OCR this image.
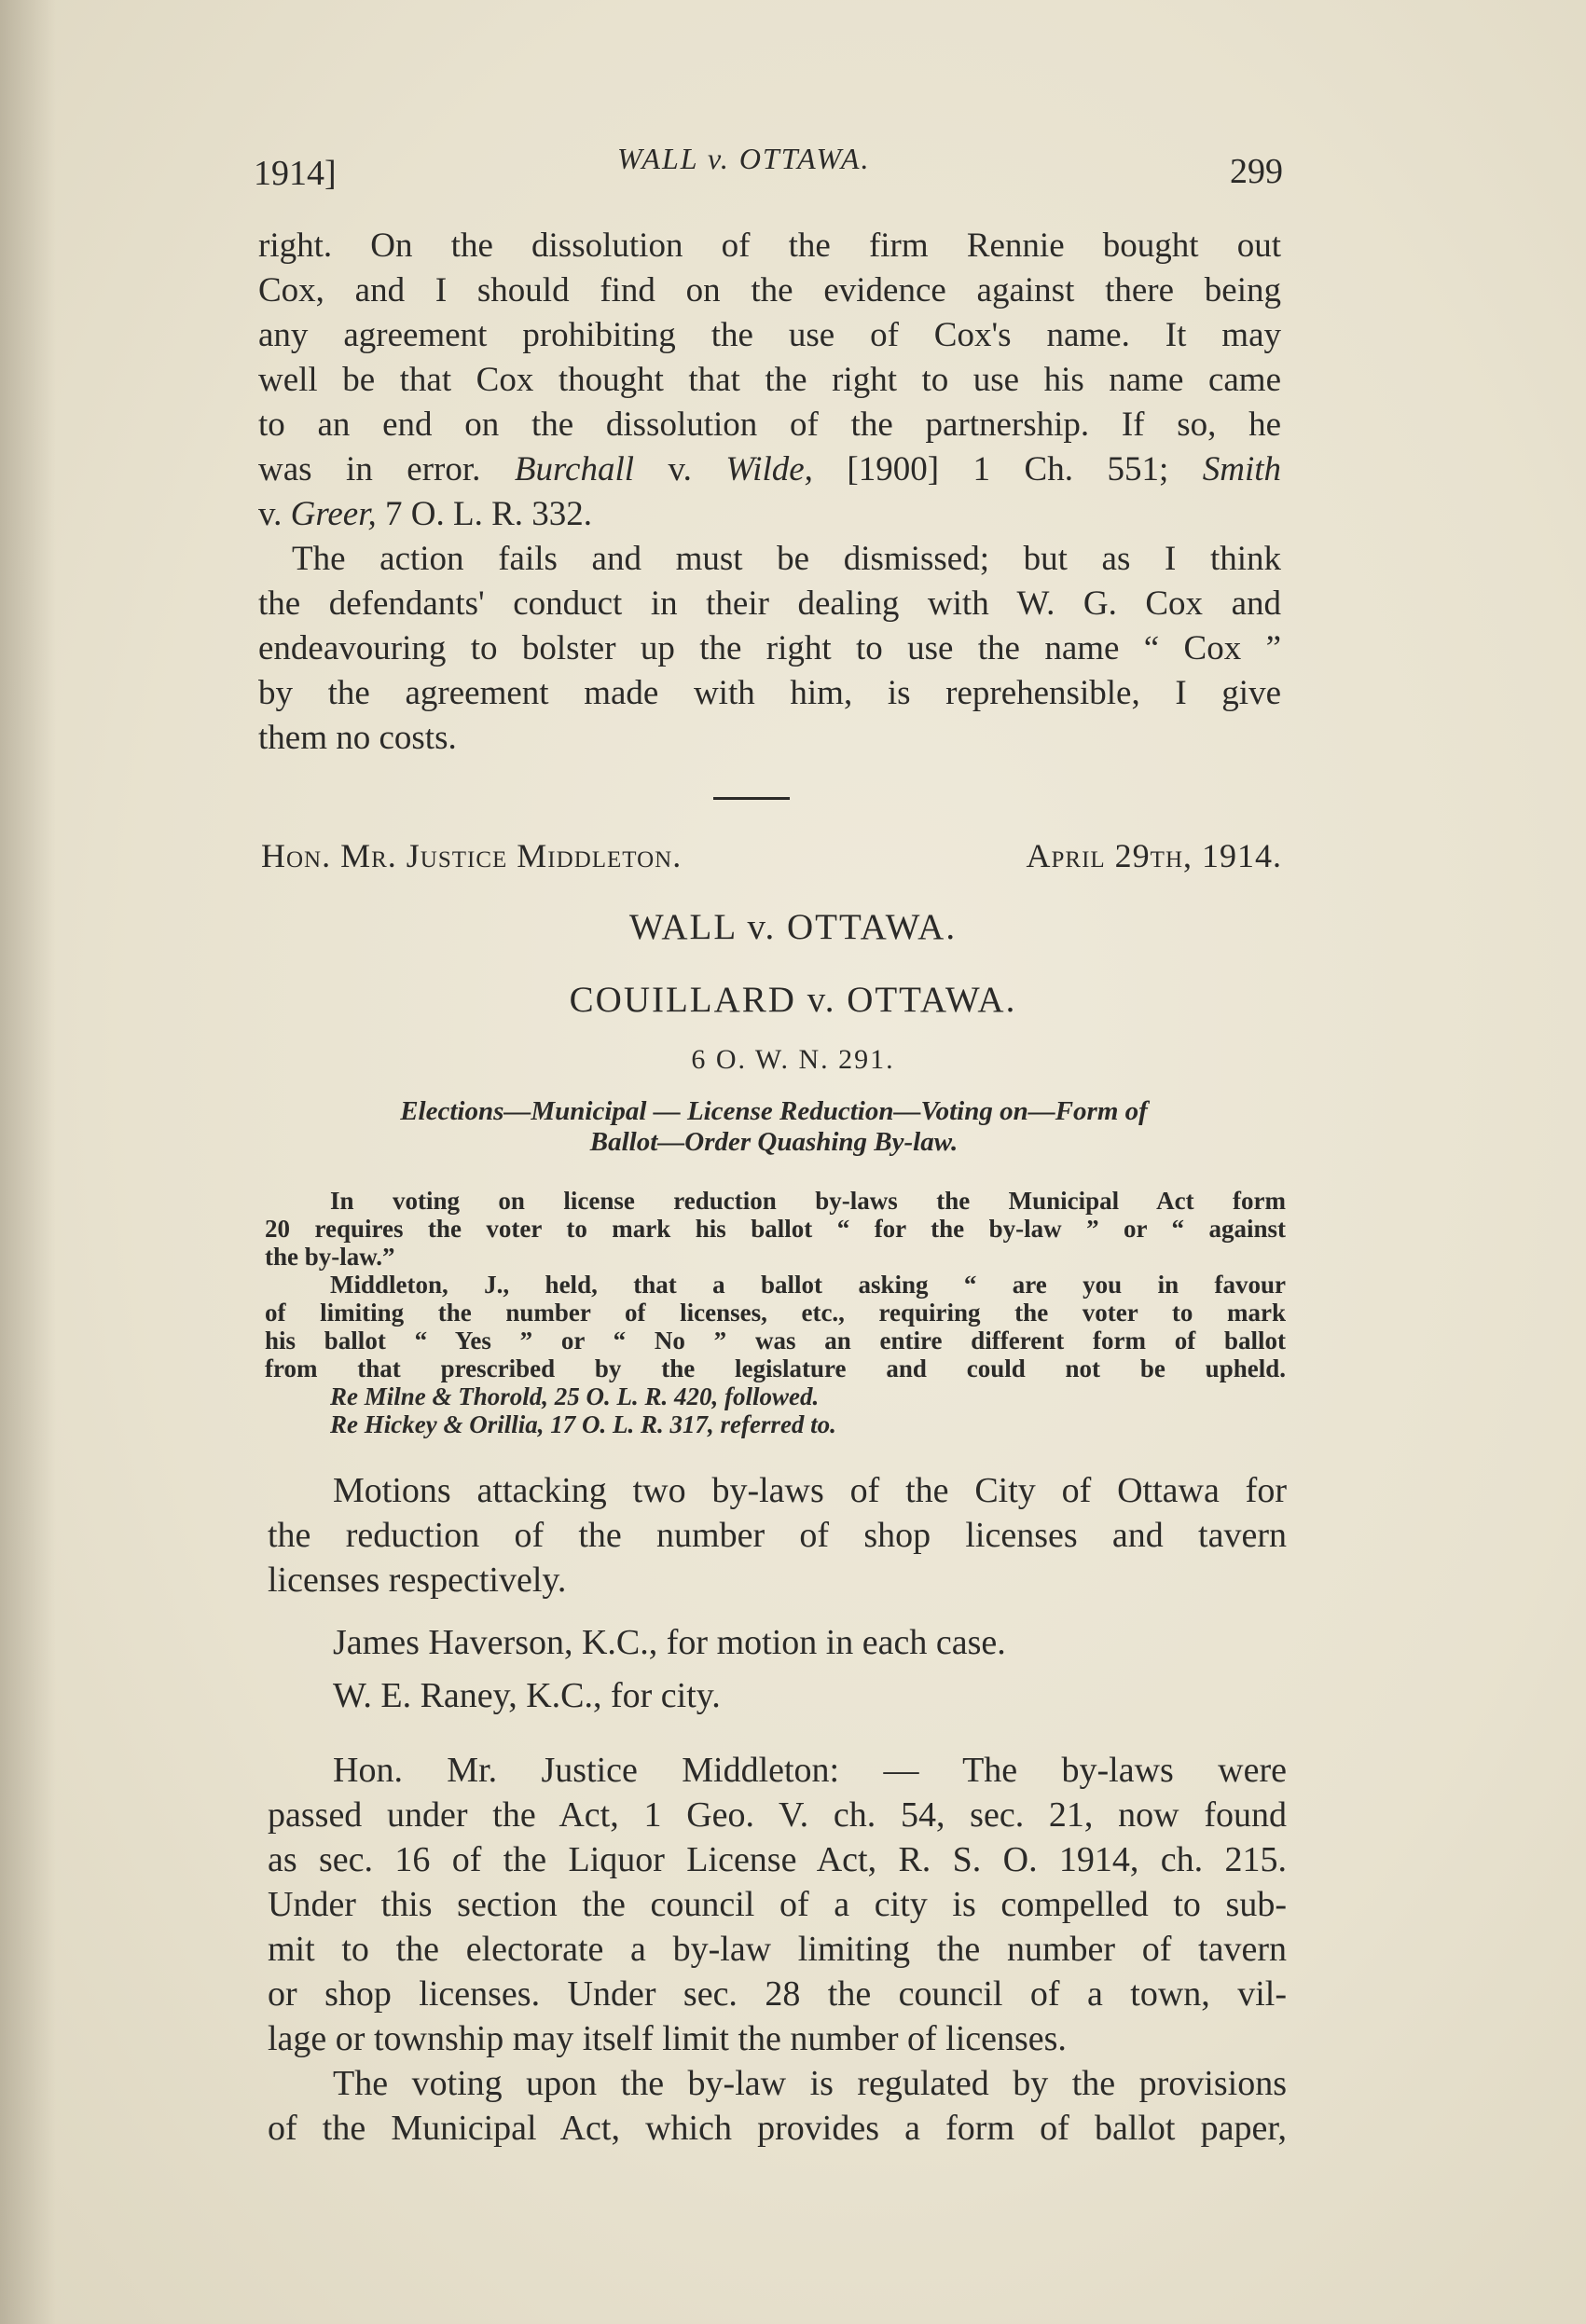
1914]	WALL v. OTTAWA.	299
right. On the dissolution of the firm Rennie bought out
Cox, and I should find on the evidence against there being
any agreement prohibiting the use of Cox's name. It may
well be that Cox thought that the right to use his name came
to an end on the dissolution of the partnership. If so, he
was in error. Burchall v. Wilde, [1900] 1 Ch. 551; Smith
v. Greer, 7 O. L. R. 332.
The action fails and must be dismissed; but as I think
the defendants' conduct in their dealing with W. G. Cox and
endeavouring to bolster up the right to use the name “ Cox ”
by the agreement made with him, is reprehensible, I give
them no costs.
Hon. Mr. Justice Middleton.	April 29th, 1914.
WALL v. OTTAWA.
COUILLARD v. OTTAWA.
6 O. W. N. 291.
Elections—Municipal — License Reduction—Voting on—Form of
Ballot—Order Quashing By-law.
In voting on license reduction by-laws the Municipal Act form
20 requires the voter to mark his ballot “ for the by-law ” or “ against
the by-law.”
Middleton, J., held, that a ballot asking “ are you in favour
of limiting the number of licenses, etc., requiring the voter to mark
his ballot “ Yes ” or “ No ” was an entire different form of ballot
from that prescribed by the legislature and could not be upheld.
Re Milne & Thorold, 25 O. L. R. 420, followed.
Re Hickey & Orillia, 17 O. L. R. 317, referred to.
Motions attacking two by-laws of the City of Ottawa for
the reduction of the number of shop licenses and tavern
licenses respectively.
James Haverson, K.C., for motion in each case.
W. E. Raney, K.C., for city.
Hon. Mr. Justice Middleton: — The by-laws were
passed under the Act, 1 Geo. V. ch. 54, sec. 21, now found
as sec. 16 of the Liquor License Act, R. S. O. 1914, ch. 215.
Under this section the council of a city is compelled to sub-
mit to the electorate a by-law limiting the number of tavern
or shop licenses. Under sec. 28 the council of a town, vil-
lage or township may itself limit the number of licenses.
The voting upon the by-law is regulated by the provisions
of the Municipal Act, which provides a form of ballot paper,
